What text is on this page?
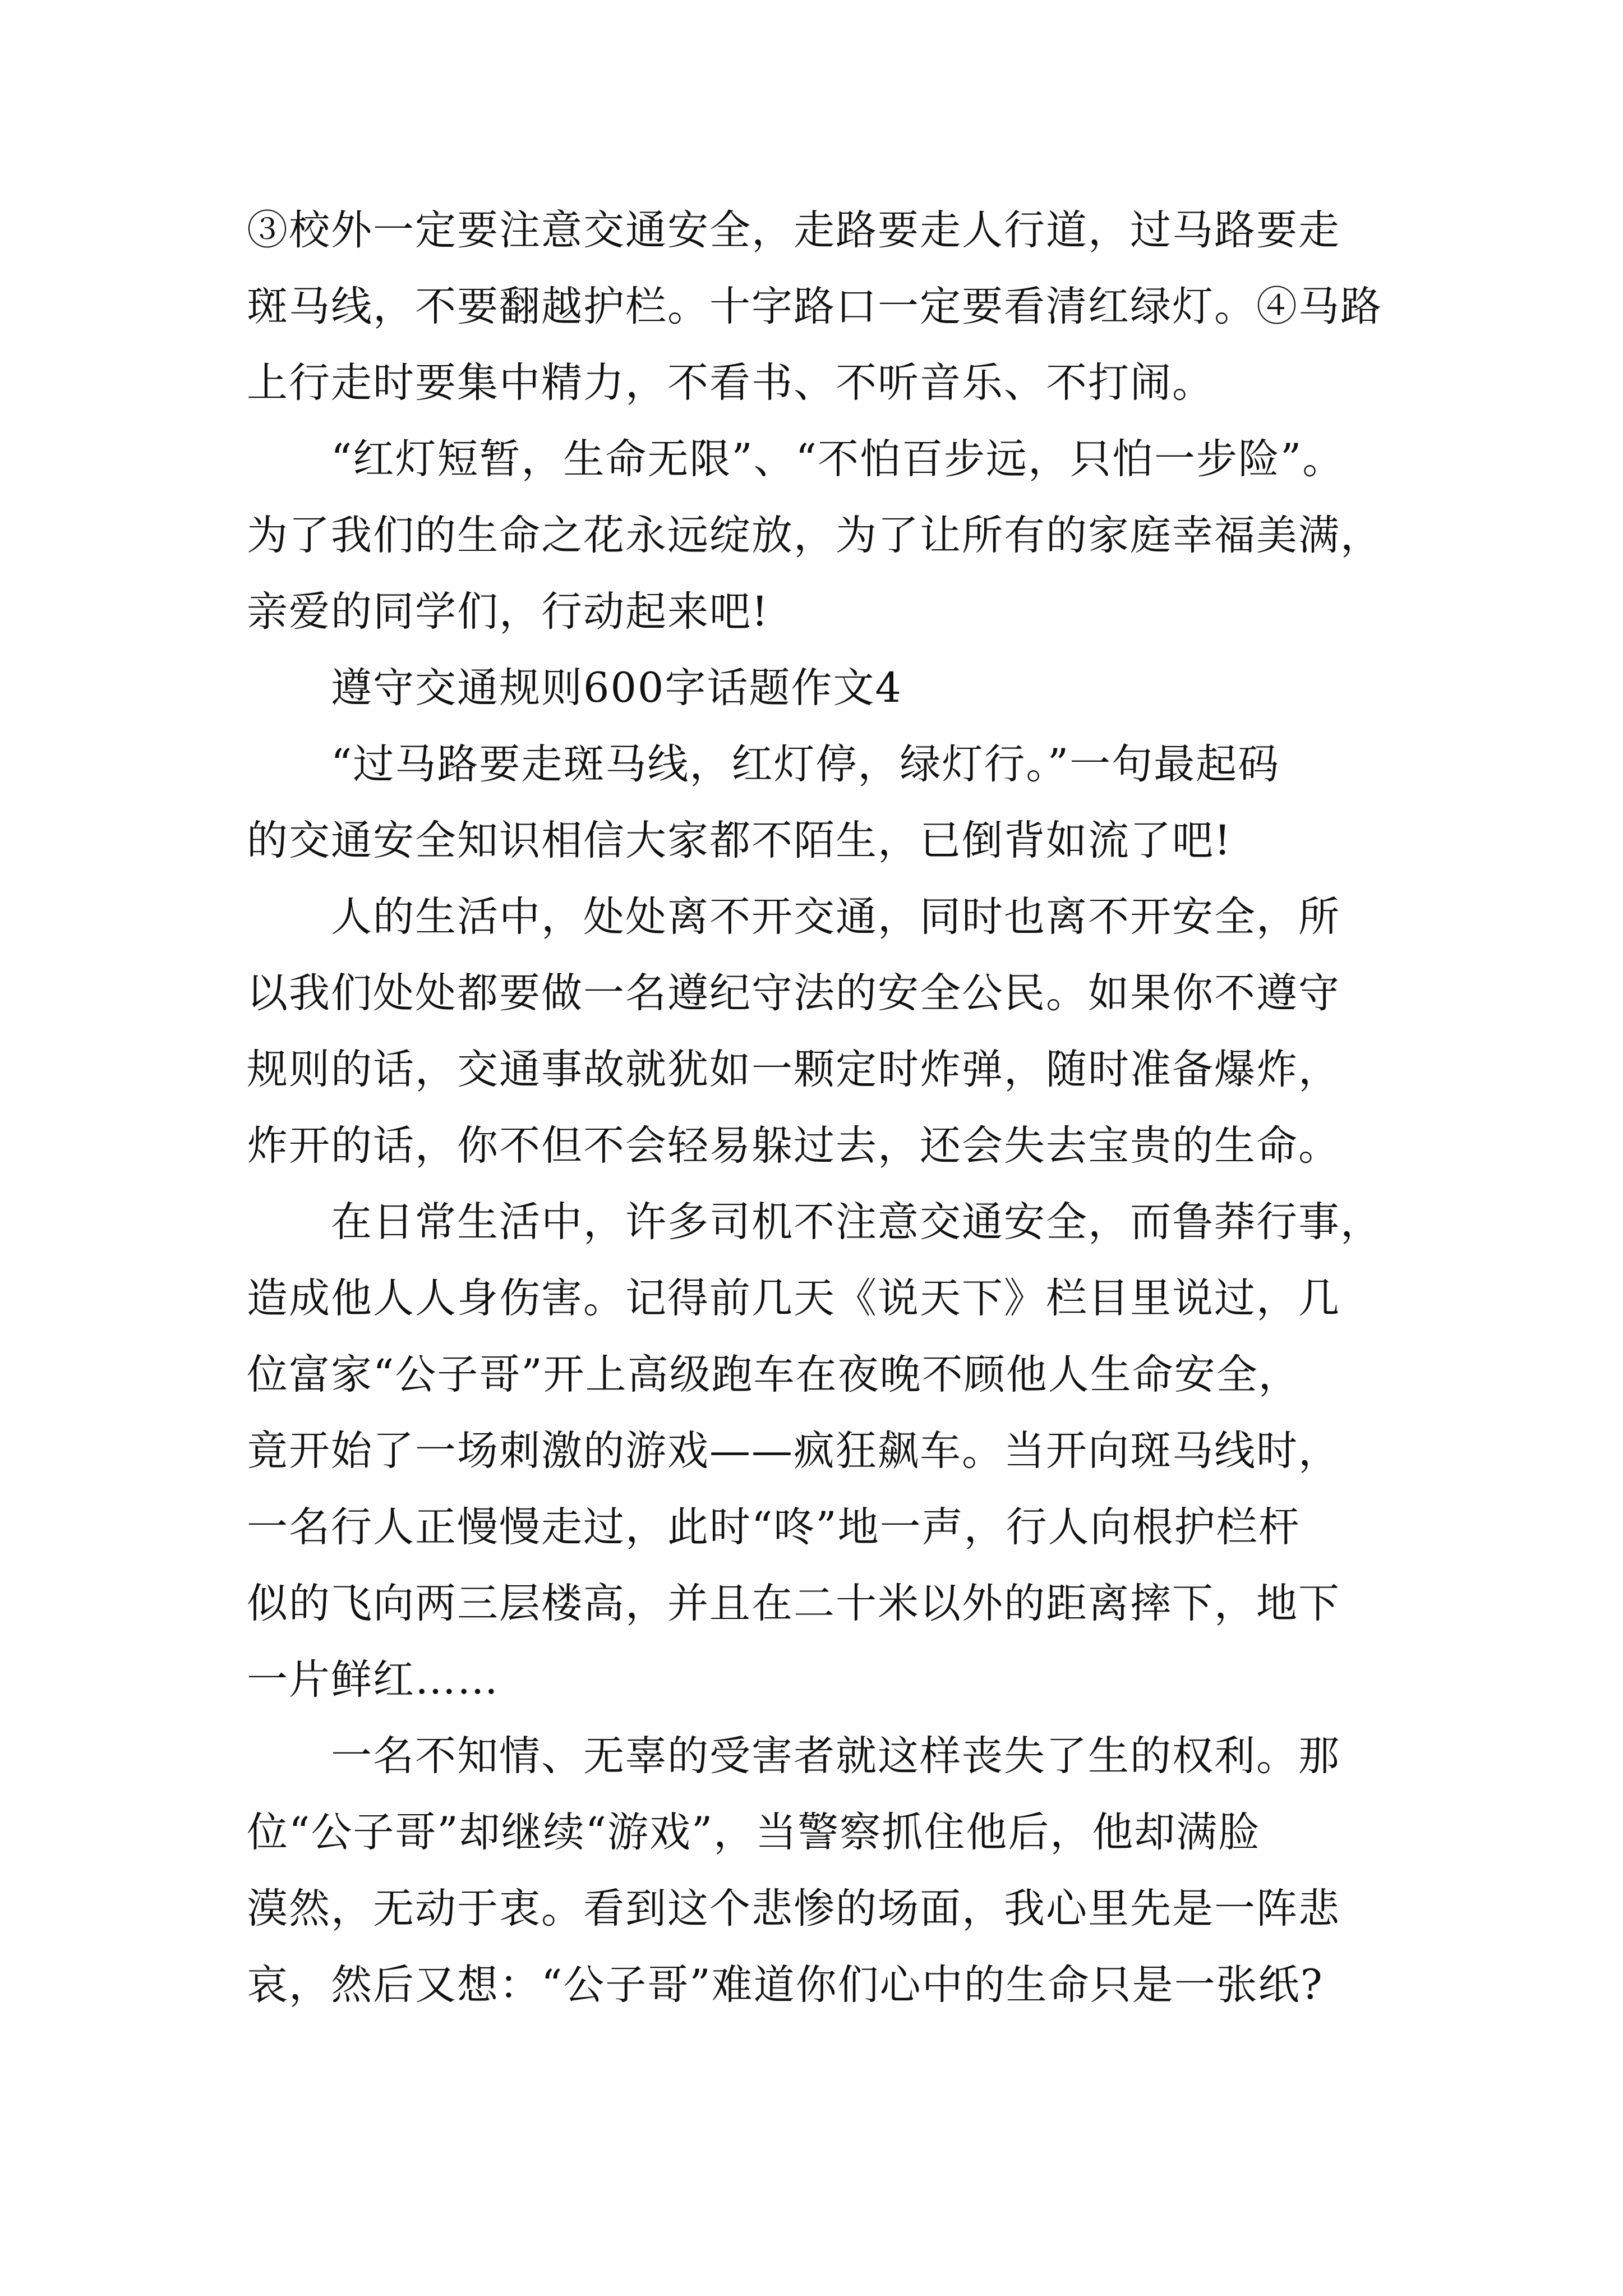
③校外一定要注意交通安全，走路要走人行道，过马路要走
斑马线，不要翻越护栏。十字路口一定要看清红绿灯。④马路
上行走时要集中精力，不看书、不听音乐、不打闹。
“红灯短暂，生命无限”、“不怕百步远，只怕一步险”。
为了我们的生命之花永远绽放，为了让所有的家庭幸福美满，
亲爱的同学们，行动起来吧!
遵守交通规则600字话题作文4
“过马路要走斑马线，红灯停，绿灯行。”一句最起码
的交通安全知识相信大家都不陌生，已倒背如流了吧!
人的生活中，处处离不开交通，同时也离不开安全，所
以我们处处都要做一名遵纪守法的安全公民。如果你不遵守
规则的话，交通事故就犹如一颗定时炸弹，随时准备爆炸，
炸开的话，你不但不会轻易躲过去，还会失去宝贵的生命。
在日常生活中，许多司机不注意交通安全，而鲁莽行事，
造成他人人身伤害。记得前几天《说天下》栏目里说过，几
位富家“公子哥”开上高级跑车在夜晚不顾他人生命安全，
竟开始了一场刺激的游戏——疯狂飙车。当开向斑马线时，
一名行人正慢慢走过，此时“咚”地一声，行人向根护栏杆
似的飞向两三层楼高，并且在二十米以外的距离摔下，地下
一片鲜红……
一名不知情、无辜的受害者就这样丧失了生的权利。那
位“公子哥”却继续“游戏”，当警察抓住他后，他却满脸
漠然，无动于衷。看到这个悲惨的场面，我心里先是一阵悲
哀，然后又想：“公子哥”难道你们心中的生命只是一张纸?
